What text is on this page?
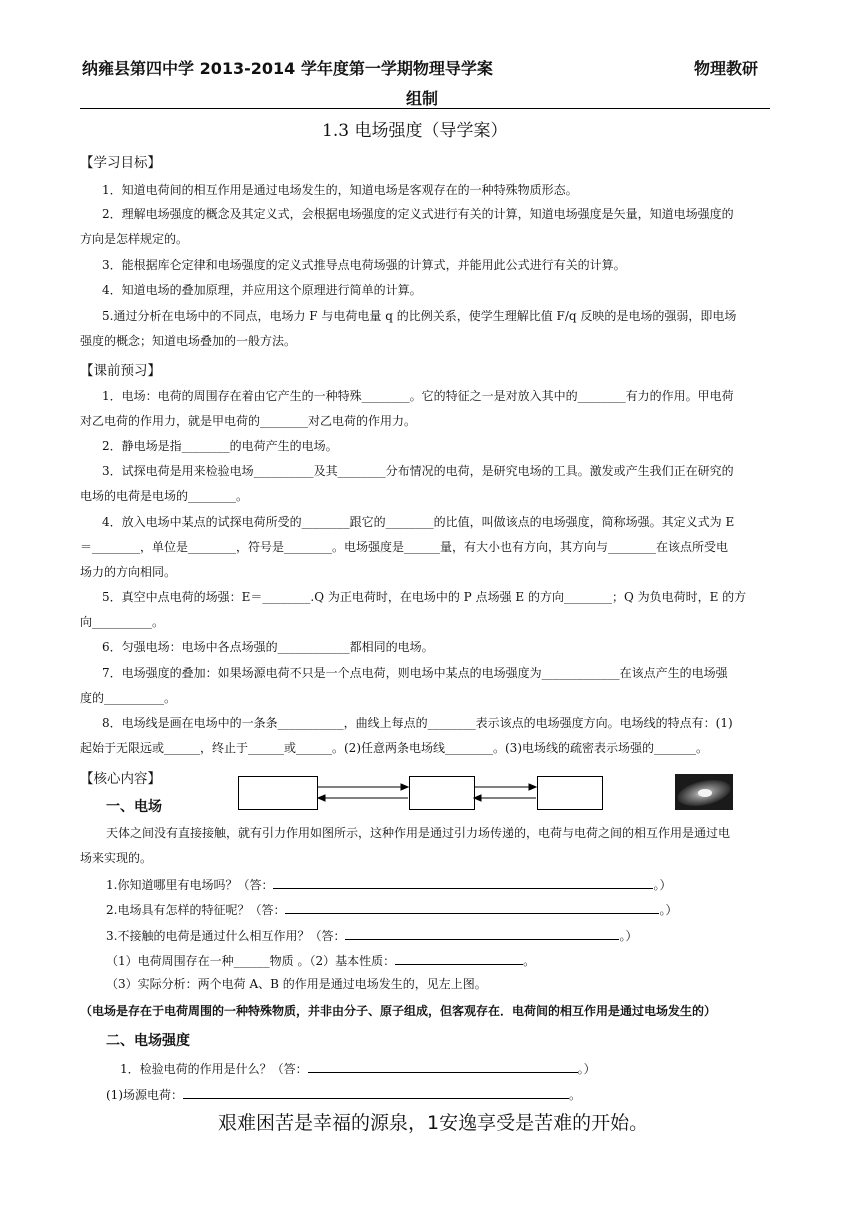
纳雍县第四中学 2013-2014 学年度第一学期物理导学案	物理教研
组制
1.3 电场强度（导学案）
【学习目标】
1．知道电荷间的相互作用是通过电场发生的，知道电场是客观存在的一种特殊物质形态。
2．理解电场强度的概念及其定义式，会根据电场强度的定义式进行有关的计算，知道电场强度是矢量，知道电场强度的
方向是怎样规定的。
3．能根据库仑定律和电场强度的定义式推导点电荷场强的计算式，并能用此公式进行有关的计算。
4．知道电场的叠加原理，并应用这个原理进行简单的计算。
5.通过分析在电场中的不同点，电场力 F 与电荷电量 q 的比例关系，使学生理解比值 F/q 反映的是电场的强弱，即电场
强度的概念；知道电场叠加的一般方法。
【课前预习】
1．电场：电荷的周围存在着由它产生的一种特殊________。它的特征之一是对放入其中的________有力的作用。甲电荷
对乙电荷的作用力，就是甲电荷的________对乙电荷的作用力。
2．静电场是指________的电荷产生的电场。
3．试探电荷是用来检验电场__________及其________分布情况的电荷，是研究电场的工具。激发或产生我们正在研究的
电场的电荷是电场的________。
4．放入电场中某点的试探电荷所受的________跟它的________的比值，叫做该点的电场强度，简称场强。其定义式为 E
＝________，单位是________，符号是________。电场强度是______量，有大小也有方向，其方向与________在该点所受电
场力的方向相同。
5．真空中点电荷的场强：E＝________.Q 为正电荷时，在电场中的 P 点场强 E 的方向________；Q 为负电荷时，E 的方
向__________。
6．匀强电场：电场中各点场强的____________都相同的电场。
7．电场强度的叠加：如果场源电荷不只是一个点电荷，则电场中某点的电场强度为_____________在该点产生的电场强
度的__________。
8．电场线是画在电场中的一条条___________，曲线上每点的________表示该点的电场强度方向。电场线的特点有：(1)
起始于无限远或______，终止于______或______。(2)任意两条电场线________。(3)电场线的疏密表示场强的_______。
【核心内容】
一、电场
天体之间没有直接接触，就有引力作用如图所示，这种作用是通过引力场传递的，电荷与电荷之间的相互作用是通过电
场来实现的。
1.你知道哪里有电场吗？（答：	。）
2.电场具有怎样的特征呢？（答：	。）
3.不接触的电荷是通过什么相互作用？（答：	。）
（1）电荷周围存在一种______物质 。（2）基本性质：	。
（3）实际分析：两个电荷 A、B 的作用是通过电场发生的，见左上图。
（电场是存在于电荷周围的一种特殊物质，并非由分子、原子组成，但客观存在．电荷间的相互作用是通过电场发生的）
二、电场强度
1．检验电荷的作用是什么？（答：	。）
(1)场源电荷：	。
艰难困苦是幸福的源泉，1安逸享受是苦难的开始。
